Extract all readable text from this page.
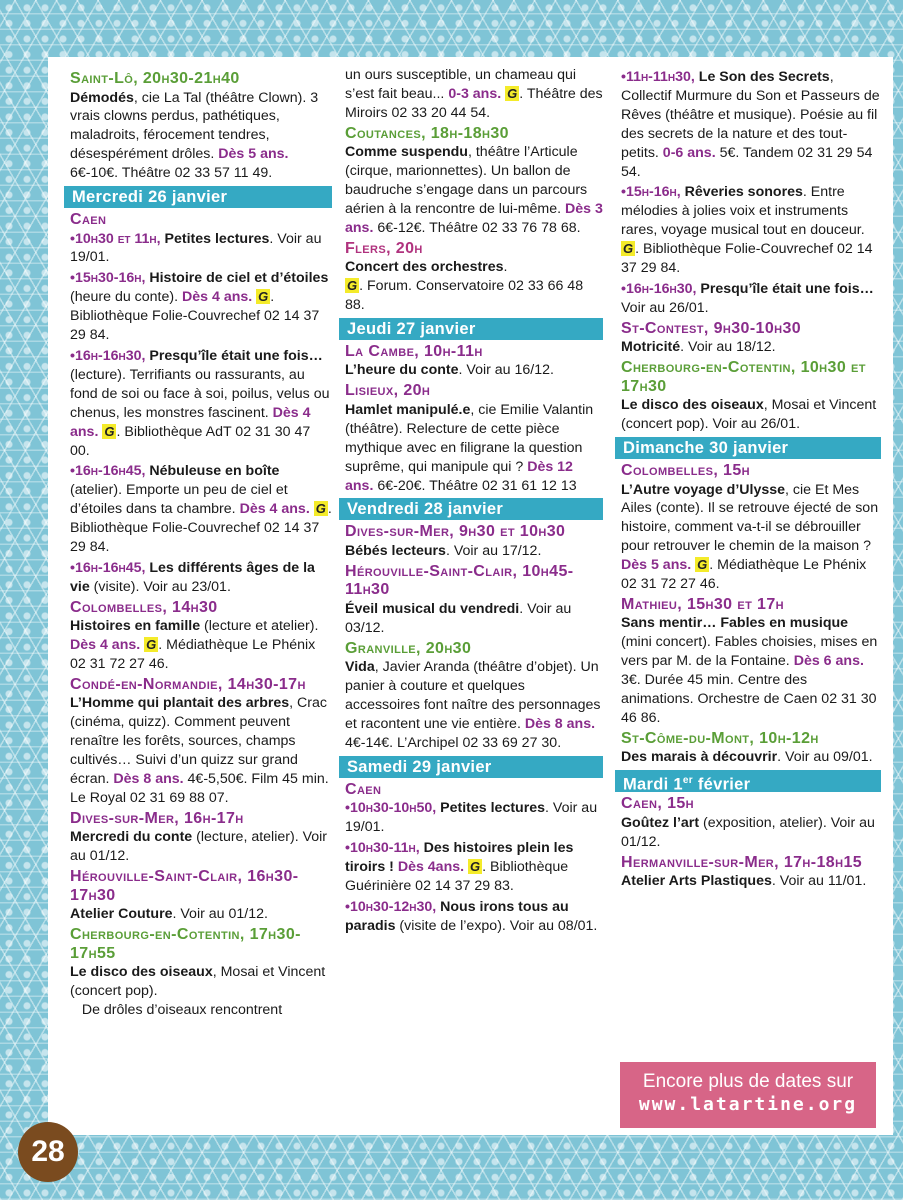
Saint-Lô, 20h30-21h40

Démodés, cie La Tal (théâtre Clown). 3 vrais clowns perdus, pathétiques, maladroits, férocement tendres, désespérément drôles. Dès 5 ans. 6€-10€. Théâtre 02 33 57 11 49.

Mercredi 26 janvier
Caen

•10h30 et 11h, Petites lectures. Voir au 19/01.

•15h30-16h, Histoire de ciel et d’étoiles (heure du conte). Dès 4 ans. G . Bibliothèque Folie-Couvrechef 02 14 37 29 84.

•16h-16h30, Presqu’île était une fois… (lecture). Terrifiants ou rassurants, au fond de soi ou face à soi, poilus, velus ou chenus, les monstres fascinent. Dès 4 ans. G . Bibliothèque AdT 02 31 30 47 00.

•16h-16h45, Nébuleuse en boîte (atelier). Emporte un peu de ciel et d’étoiles dans ta chambre. Dès 4 ans. G . Bibliothèque Folie-Couvrechef 02 14 37 29 84.

•16h-16h45, Les différents âges de la vie (visite). Voir au 23/01.

Colombelles, 14h30

Histoires en famille (lecture et atelier). Dès 4 ans. G . Médiathèque Le Phénix 02 31 72 27 46.

Condé-en-Normandie, 14h30-17h

L’Homme qui plantait des arbres, Crac (cinéma, quizz). Comment peuvent renaître les forêts, sources, champs cultivés… Suivi d’un quizz sur grand écran. Dès 8 ans. 4€-5,50€. Film 45 min. Le Royal 02 31 69 88 07.

Dives-sur-Mer, 16h-17h

Mercredi du conte (lecture, atelier). Voir au 01/12.

Hérouville-Saint-Clair, 16h30-17h30

Atelier Couture. Voir au 01/12.

Cherbourg-en-Cotentin, 17h30-17h55

Le disco des oiseaux, Mosai et Vincent (concert pop).
De drôles d’oiseaux rencontrent

un ours susceptible, un chameau qui s’est fait beau... 0-3 ans. G . Théâtre des Miroirs 02 33 20 44 54.

Coutances, 18h-18h30

Comme suspendu, théâtre l’Articule (cirque, marionnettes). Un ballon de baudruche s’engage dans un parcours aérien à la rencontre de lui-même. Dès 3 ans. 6€-12€. Théâtre 02 33 76 78 68.

Flers, 20h

Concert des orchestres.
G . Forum. Conservatoire 02 33 66 48 88.

Jeudi 27 janvier
La Cambe, 10h-11h

L’heure du conte. Voir au 16/12.

Lisieux, 20h

Hamlet manipulé.e, cie Emilie Valantin (théâtre). Relecture de cette pièce mythique avec en filigrane la question suprême, qui manipule qui ? Dès 12 ans. 6€-20€. Théâtre 02 31 61 12 13

Vendredi 28 janvier
Dives-sur-Mer, 9h30 et 10h30

Bébés lecteurs. Voir au 17/12.

Hérouville-Saint-Clair, 10h45-11h30

Éveil musical du vendredi. Voir au 03/12.

Granville, 20h30

Vida, Javier Aranda (théâtre d’objet). Un panier à couture et quelques accessoires font naître des personnages et racontent une vie entière. Dès 8 ans. 4€-14€. L’Archipel 02 33 69 27 30.

Samedi 29 janvier
Caen

•10h30-10h50, Petites lectures. Voir au 19/01.

•10h30-11h, Des histoires plein les tiroirs ! Dès 4ans. G . Bibliothèque Guérinière 02 14 37 29 83.

•10h30-12h30, Nous irons tous au paradis (visite de l’expo). Voir au 08/01.

•11h-11h30, Le Son des Secrets, Collectif Murmure du Son et Passeurs de Rêves (théâtre et musique). Poésie au fil des secrets de la nature et des tout-petits. 0-6 ans. 5€. Tandem 02 31 29 54 54.

•15h-16h, Rêveries sonores. Entre mélodies à jolies voix et instruments rares, voyage musical tout en douceur. G . Bibliothèque Folie-Couvrechef 02 14 37 29 84.

•16h-16h30, Presqu’île était une fois… Voir au 26/01.

St-Contest, 9h30-10h30

Motricité. Voir au 18/12.

Cherbourg-en-Cotentin, 10h30 et 17h30

Le disco des oiseaux, Mosai et Vincent (concert pop). Voir au 26/01.

Dimanche 30 janvier
Colombelles, 15h

L’Autre voyage d’Ulysse, cie Et Mes Ailes (conte). Il se retrouve éjecté de son histoire, comment va-t-il se débrouiller pour retrouver le chemin de la maison ? Dès 5 ans. G . Médiathèque Le Phénix 02 31 72 27 46.

Mathieu, 15h30 et 17h

Sans mentir… Fables en musique (mini concert). Fables choisies, mises en vers par M. de la Fontaine. Dès 6 ans. 3€. Durée 45 min. Centre des animations. Orchestre de Caen 02 31 30 46 86.

St-Côme-du-Mont, 10h-12h

Des marais à découvrir. Voir au 09/01.

Mardi 1er février
Caen, 15h

Goûtez l’art (exposition, atelier). Voir au 01/12.

Hermanville-sur-Mer, 17h-18h15

Atelier Arts Plastiques. Voir au 11/01.

Encore plus de dates sur
www.latartine.org
28
